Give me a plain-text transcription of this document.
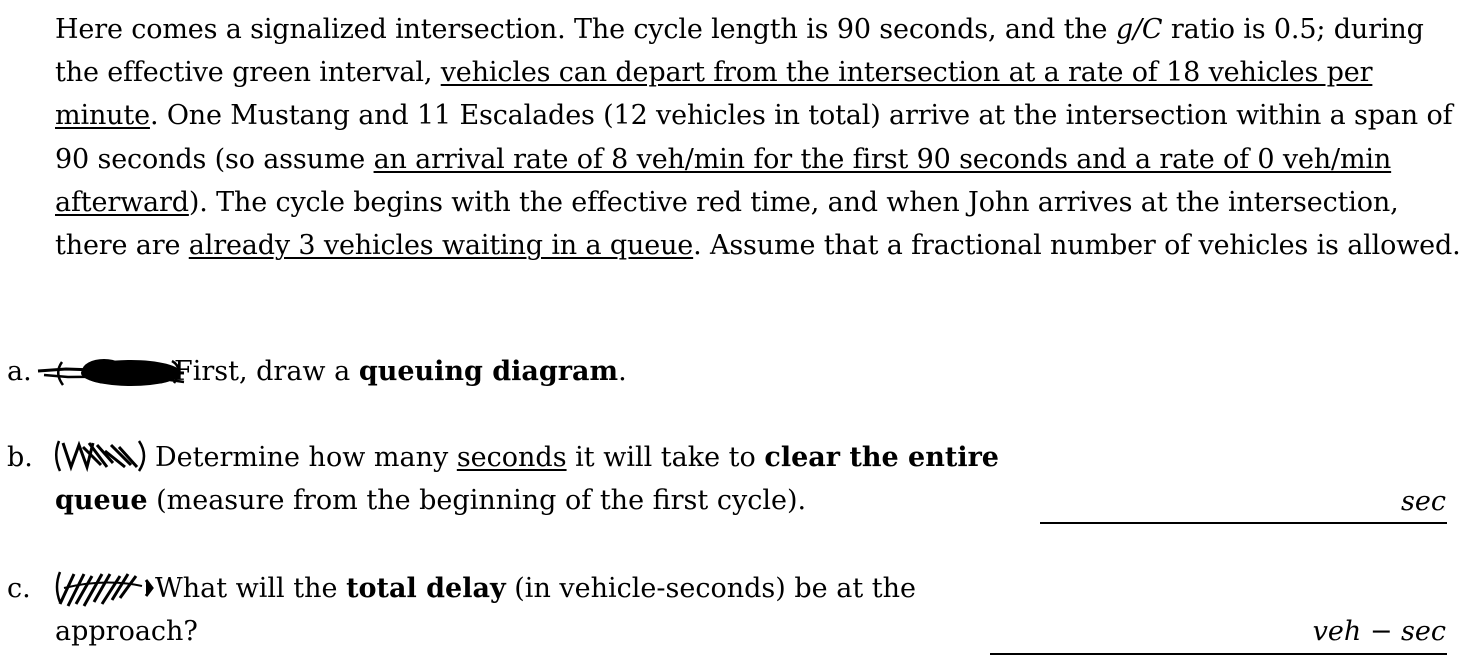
Here comes a signalized intersection. The cycle length is 90 seconds, and the g/C ratio is 0.5; during the effective green interval, vehicles can depart from the intersection at a rate of 18 vehicles per minute. One Mustang and 11 Escalades (12 vehicles in total) arrive at the intersection within a span of 90 seconds (so assume an arrival rate of 8 veh/min for the first 90 seconds and a rate of 0 veh/min afterward). The cycle begins with the effective red time, and when John arrives at the intersection, there are already 3 vehicles waiting in a queue. Assume that a fractional number of vehicles is allowed.
a.	First, draw a queuing diagram.
b.	Determine how many seconds it will take to clear the entire
queue (measure from the beginning of the first cycle).	sec
c.	What will the total delay (in vehicle-seconds) be at the
approach?	veh − sec
